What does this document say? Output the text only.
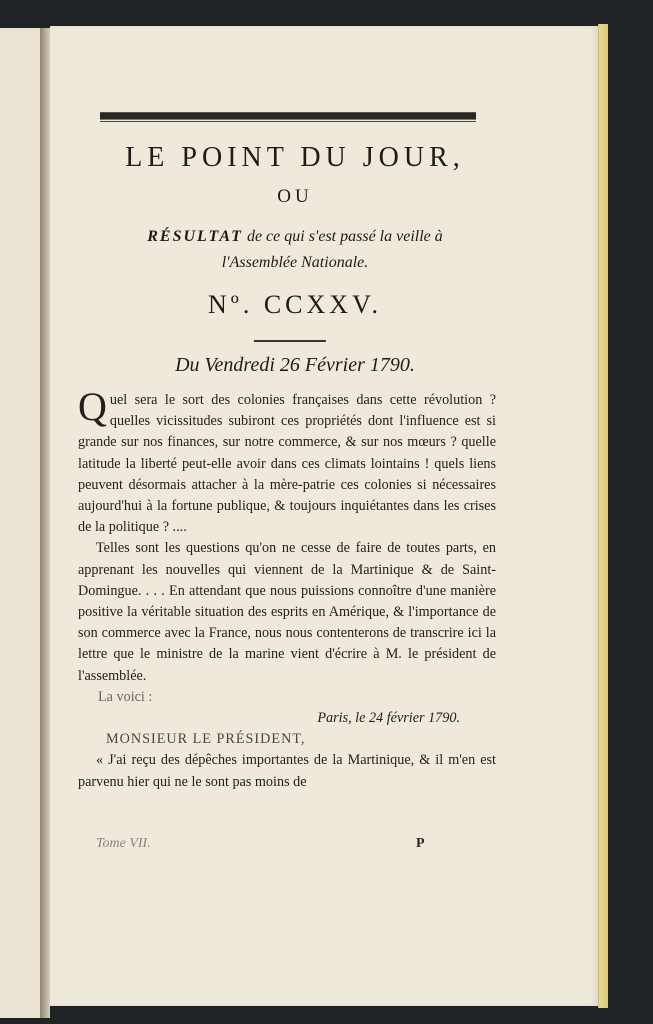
LE POINT DU JOUR,
OU
RÉSULTAT de ce qui s'est passé la veille à
l'Assemblée Nationale.
Nº. CCXXV.
Du Vendredi 26 Février 1790.

Quel sera le sort des colonies françaises dans cette révolution ? quelles vicissitudes subiront ces propriétés dont l'influence est si grande sur nos finances, sur notre commerce, & sur nos mœurs ? quelle latitude la liberté peut-elle avoir dans ces climats lointains ! quels liens peuvent désormais attacher à la mère-patrie ces colonies si nécessaires aujourd'hui à la fortune publique, & toujours inquiétantes dans les crises de la politique ? ....

Telles sont les questions qu'on ne cesse de faire de toutes parts, en apprenant les nouvelles qui viennent de la Martinique & de Saint-Domingue. . . . En attendant que nous puissions connoître d'une manière positive la véritable situation des esprits en Amérique, & l'importance de son commerce avec la France, nous nous contenterons de transcrire ici la lettre que le ministre de la marine vient d'écrire à M. le président de l'assemblée.

La voici :

Paris, le 24 février 1790.

MONSIEUR LE PRÉSIDENT,

« J'ai reçu des dépêches importantes de la Martinique, & il m'en est parvenu hier qui ne le sont pas moins de

Tome VII.	P
